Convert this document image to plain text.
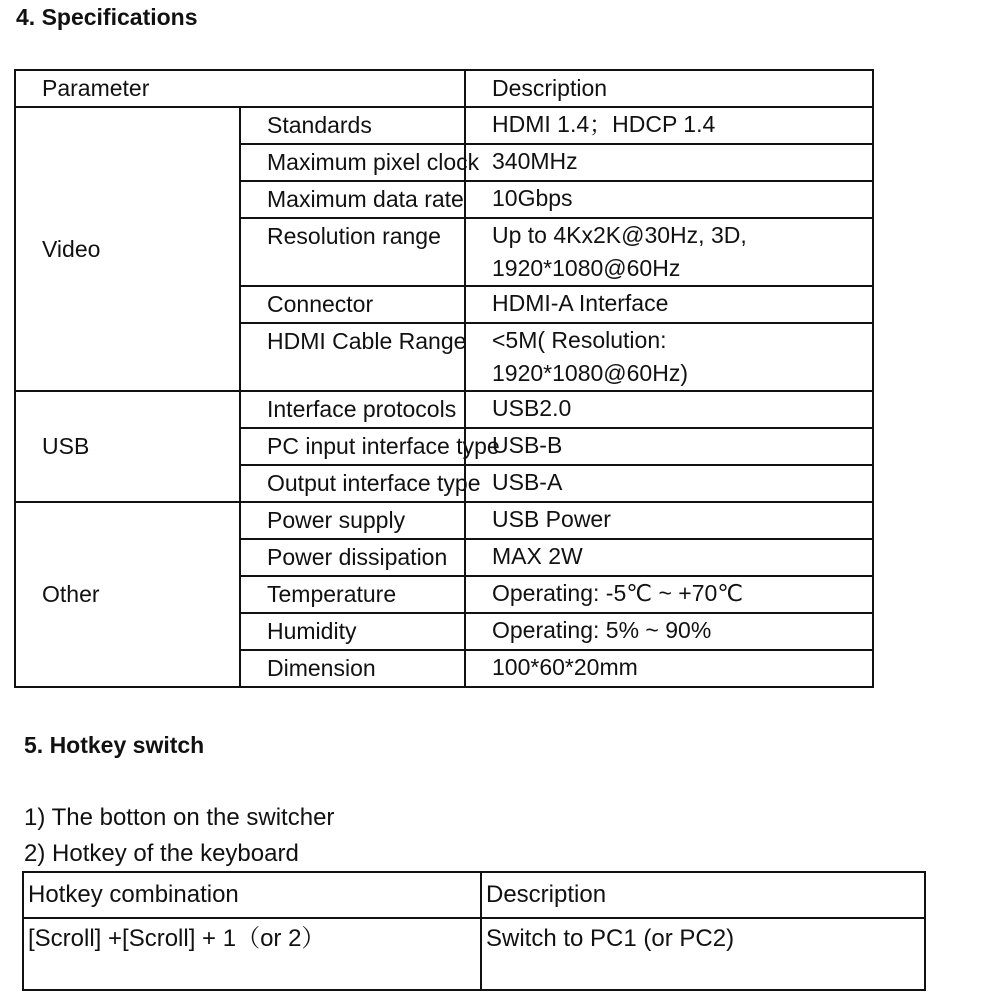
4. Specifications
Parameter		Description
Video	Standards	HDMI 1.4；HDCP 1.4

	Maximum pixel clock	340MHz

	Maximum data rate	10Gbps

	Resolution range	Up to 4Kx2K@30Hz, 3D,
1920*1080@60Hz

	Connector	HDMI-A Interface

	HDMI Cable Range	<5M( Resolution:
1920*1080@60Hz)

USB	Interface protocols	USB2.0

	PC input interface type	USB-B

	Output interface type	USB-A

Other	Power supply	USB Power

	Power dissipation	MAX 2W

	Temperature	Operating: -5℃ ~ +70℃

	Humidity	Operating: 5% ~ 90%

	Dimension	100*60*20mm
5. Hotkey switch

1) The botton on the switcher

2) Hotkey of the keyboard

Hotkey combination	Description
[Scroll] +[Scroll] + 1（or 2）	Switch to PC1 (or PC2)
